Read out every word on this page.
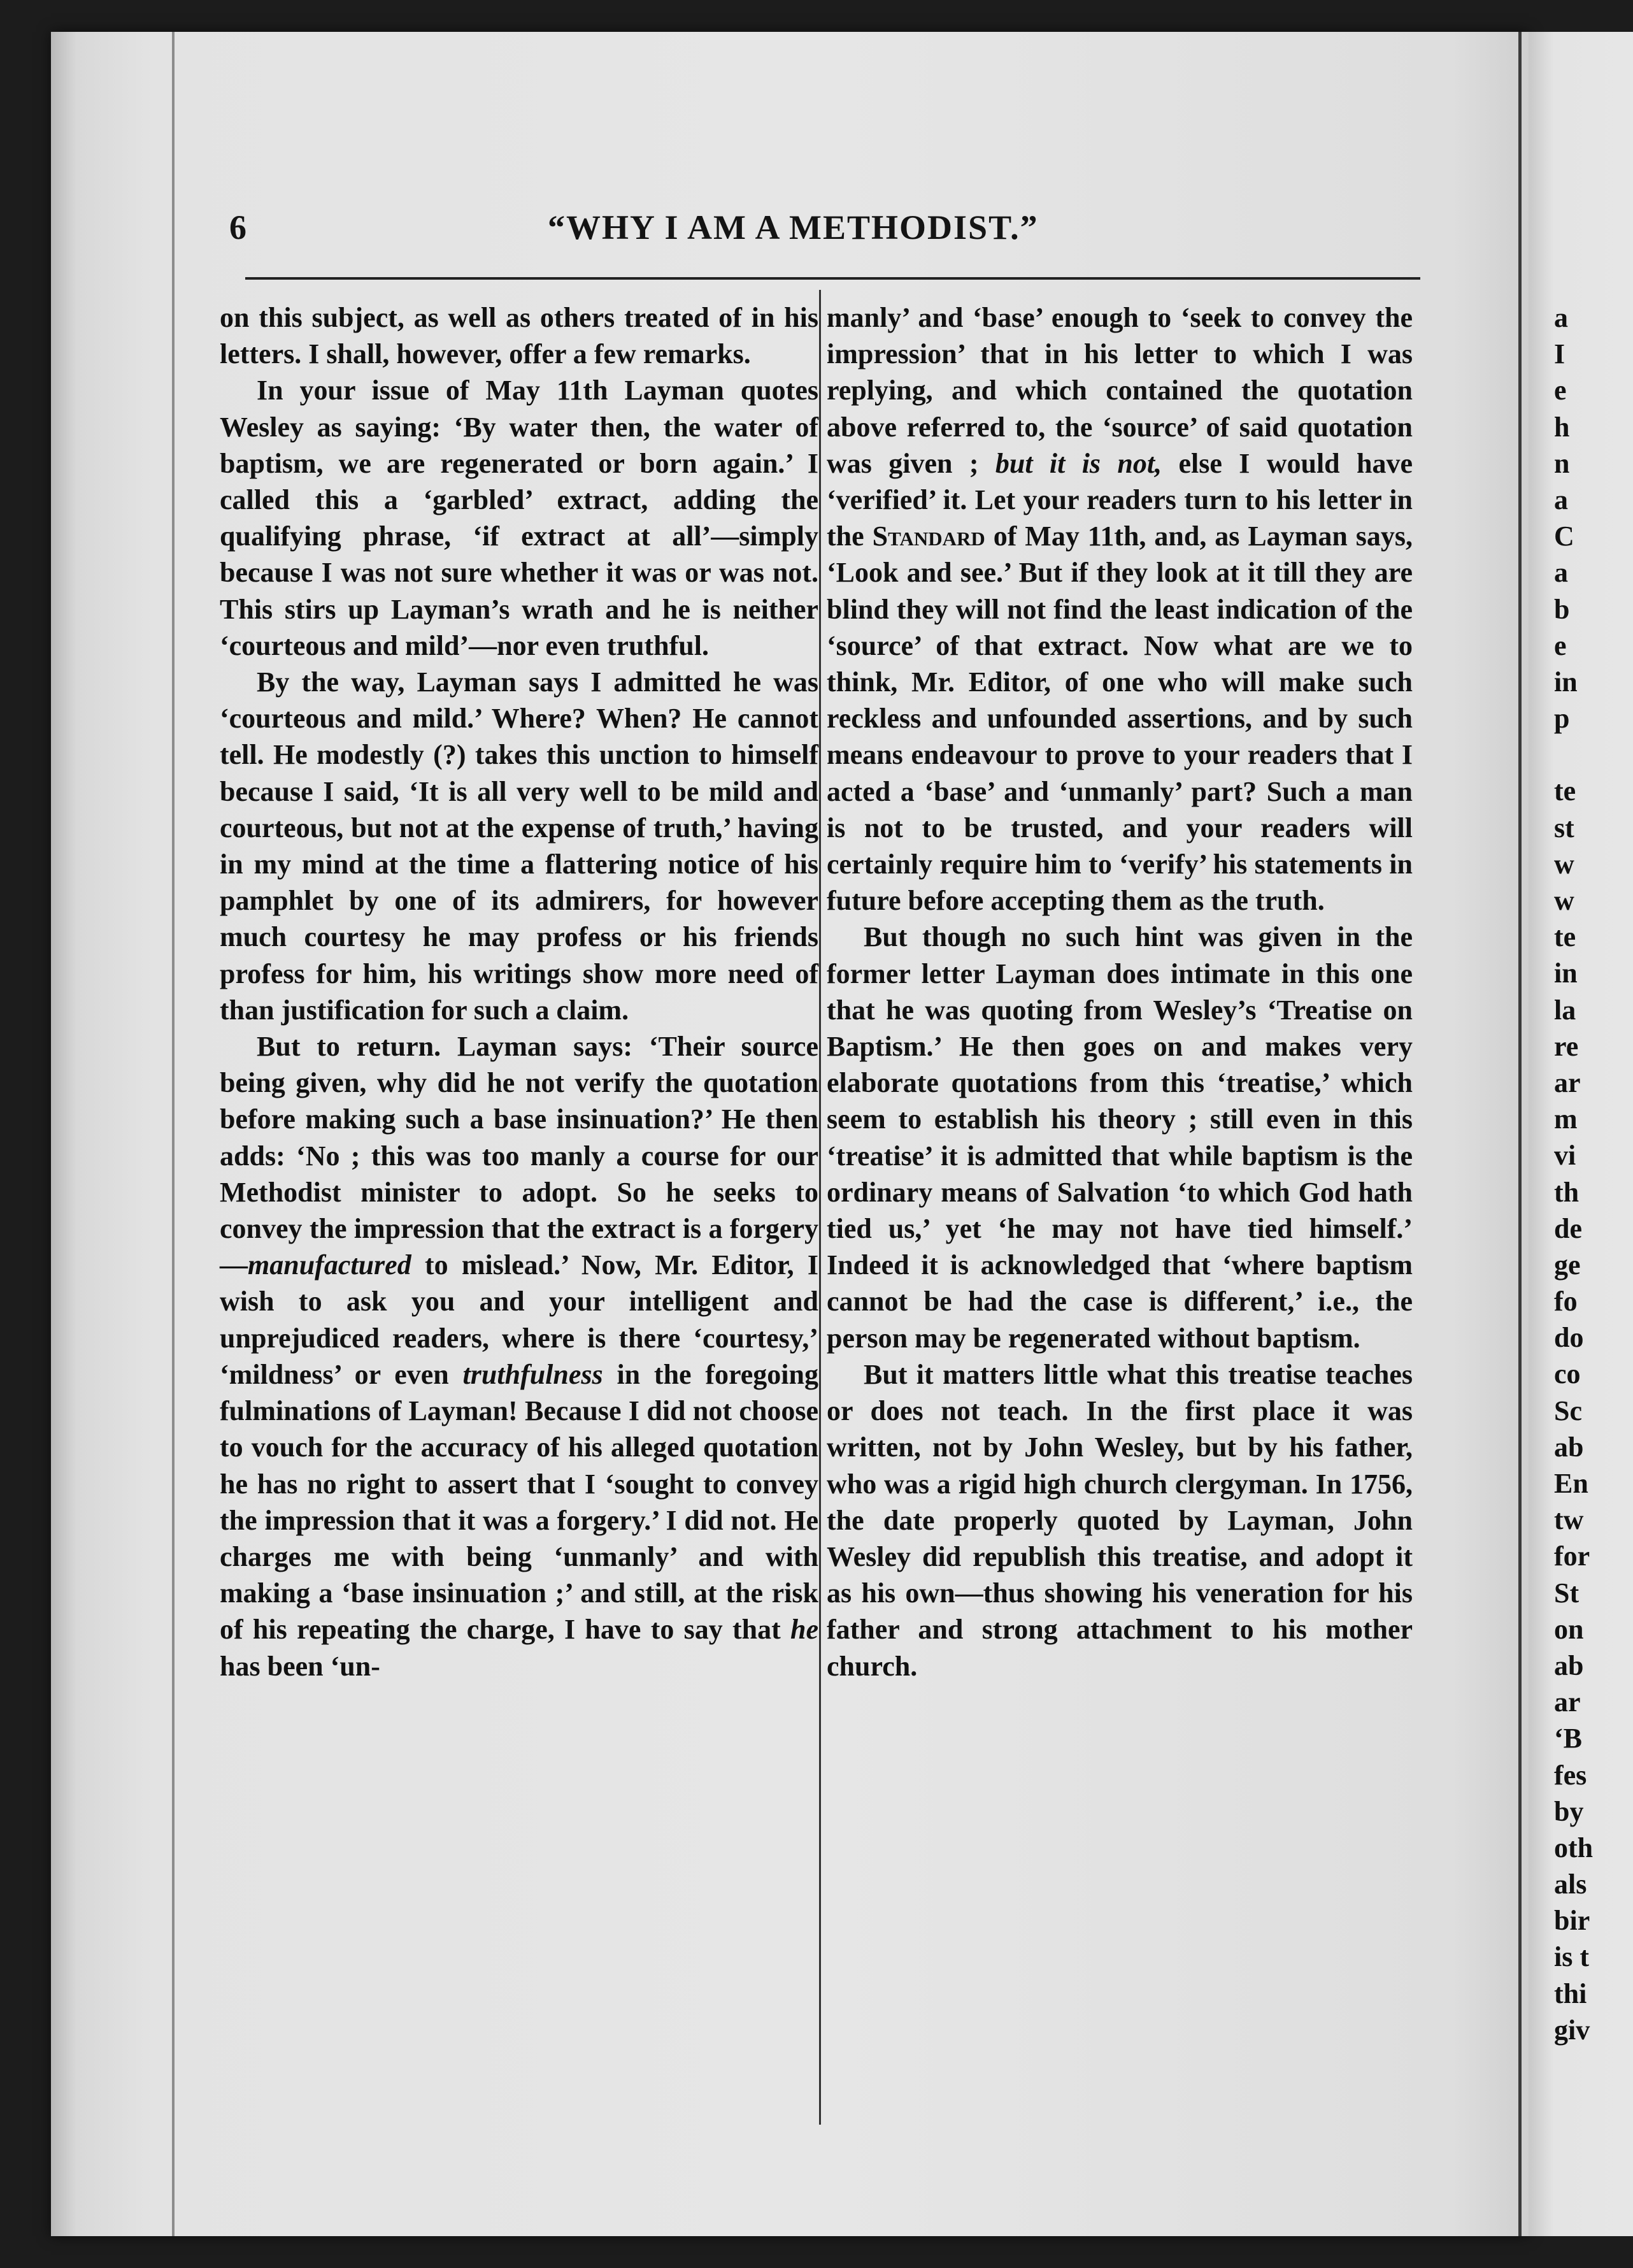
6	“WHY I AM A METHODIST.”

on this subject, as well as others treated of in his letters. I shall, however, offer a few remarks.

In your issue of May 11th Layman quotes Wesley as saying: ‘By water then, the water of baptism, we are regenerated or born again.’ I called this a ‘garbled’ extract, adding the qualifying phrase, ‘if extract at all’—simply because I was not sure whether it was or was not. This stirs up Layman’s wrath and he is neither ‘courteous and mild’—nor even truthful.

By the way, Layman says I admitted he was ‘courteous and mild.’ Where? When? He cannot tell. He modestly (?) takes this unction to himself because I said, ‘It is all very well to be mild and courteous, but not at the expense of truth,’ having in my mind at the time a flattering notice of his pamphlet by one of its admirers, for however much courtesy he may profess or his friends profess for him, his writings show more need of than justification for such a claim.

But to return. Layman says: ‘Their source being given, why did he not verify the quotation before making such a base insinuation?’ He then adds: ‘No ; this was too manly a course for our Methodist minister to adopt. So he seeks to convey the impression that the extract is a forgery—manufactured to mislead.’ Now, Mr. Editor, I wish to ask you and your intelligent and unprejudiced readers, where is there ‘courtesy,’ ‘mildness’ or even truthfulness in the foregoing fulminations of Layman! Because I did not choose to vouch for the accuracy of his alleged quotation he has no right to assert that I ‘sought to convey the impression that it was a forgery.’ I did not. He charges me with being ‘unmanly’ and with making a ‘base insinuation ;’ and still, at the risk of his repeating the charge, I have to say that he has been ‘un-

manly’ and ‘base’ enough to ‘seek to convey the impression’ that in his letter to which I was replying, and which contained the quotation above referred to, the ‘source’ of said quotation was given ; but it is not, else I would have ‘verified’ it. Let your readers turn to his letter in the Standard of May 11th, and, as Layman says, ‘Look and see.’ But if they look at it till they are blind they will not find the least indication of the ‘source’ of that extract. Now what are we to think, Mr. Editor, of one who will make such reckless and unfounded assertions, and by such means endeavour to prove to your readers that I acted a ‘base’ and ‘unmanly’ part? Such a man is not to be trusted, and your readers will certainly require him to ‘verify’ his statements in future before accepting them as the truth.

But though no such hint was given in the former letter Layman does intimate in this one that he was quoting from Wesley’s ‘Treatise on Baptism.’ He then goes on and makes very elaborate quotations from this ‘treatise,’ which seem to establish his theory ; still even in this ‘treatise’ it is admitted that while baptism is the ordinary means of Salvation ‘to which God hath tied us,’ yet ‘he may not have tied himself.’ Indeed it is acknowledged that ‘where baptism cannot be had the case is different,’ i.e., the person may be regenerated without baptism.

But it matters little what this treatise teaches or does not teach. In the first place it was written, not by John Wesley, but by his father, who was a rigid high church clergyman. In 1756, the date properly quoted by Layman, John Wesley did republish this treatise, and adopt it as his own—thus showing his veneration for his father and strong attachment to his mother church.

a
I
e
h
n
a
C
a
b
e
in
p
te
st
w
w
te
in
la
re
ar
m
vi
th
de
ge
fo
do
co
Sc
ab
En
tw
for
St
on
ab
ar
‘B
fes
by
oth
als
bir
is t
thi
giv
